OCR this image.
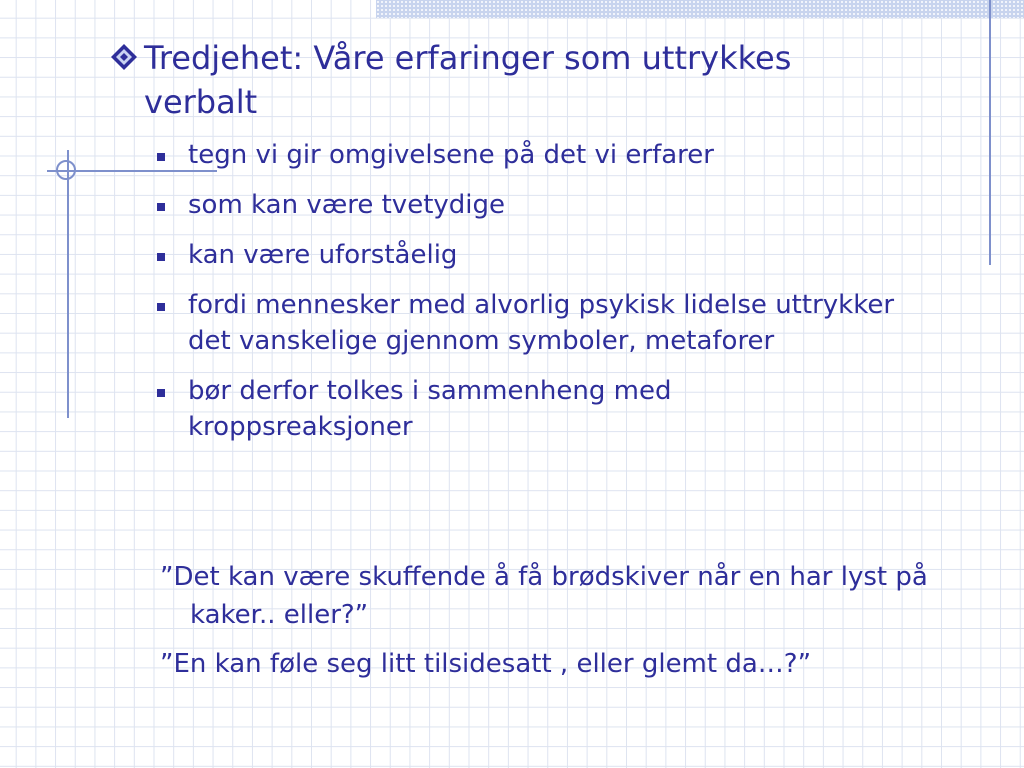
Tredjehet: Våre erfaringer som uttrykkes verbalt
tegn vi gir omgivelsene på det vi erfarer
som kan være tvetydige
kan være uforståelig
fordi mennesker med alvorlig psykisk lidelse uttrykker det vanskelige gjennom symboler, metaforer
bør derfor tolkes i sammenheng med kroppsreaksjoner
”Det kan være skuffende å få brødskiver når en har lyst på kaker.. eller?”
”En kan føle seg litt tilsidesatt , eller glemt da…?”
